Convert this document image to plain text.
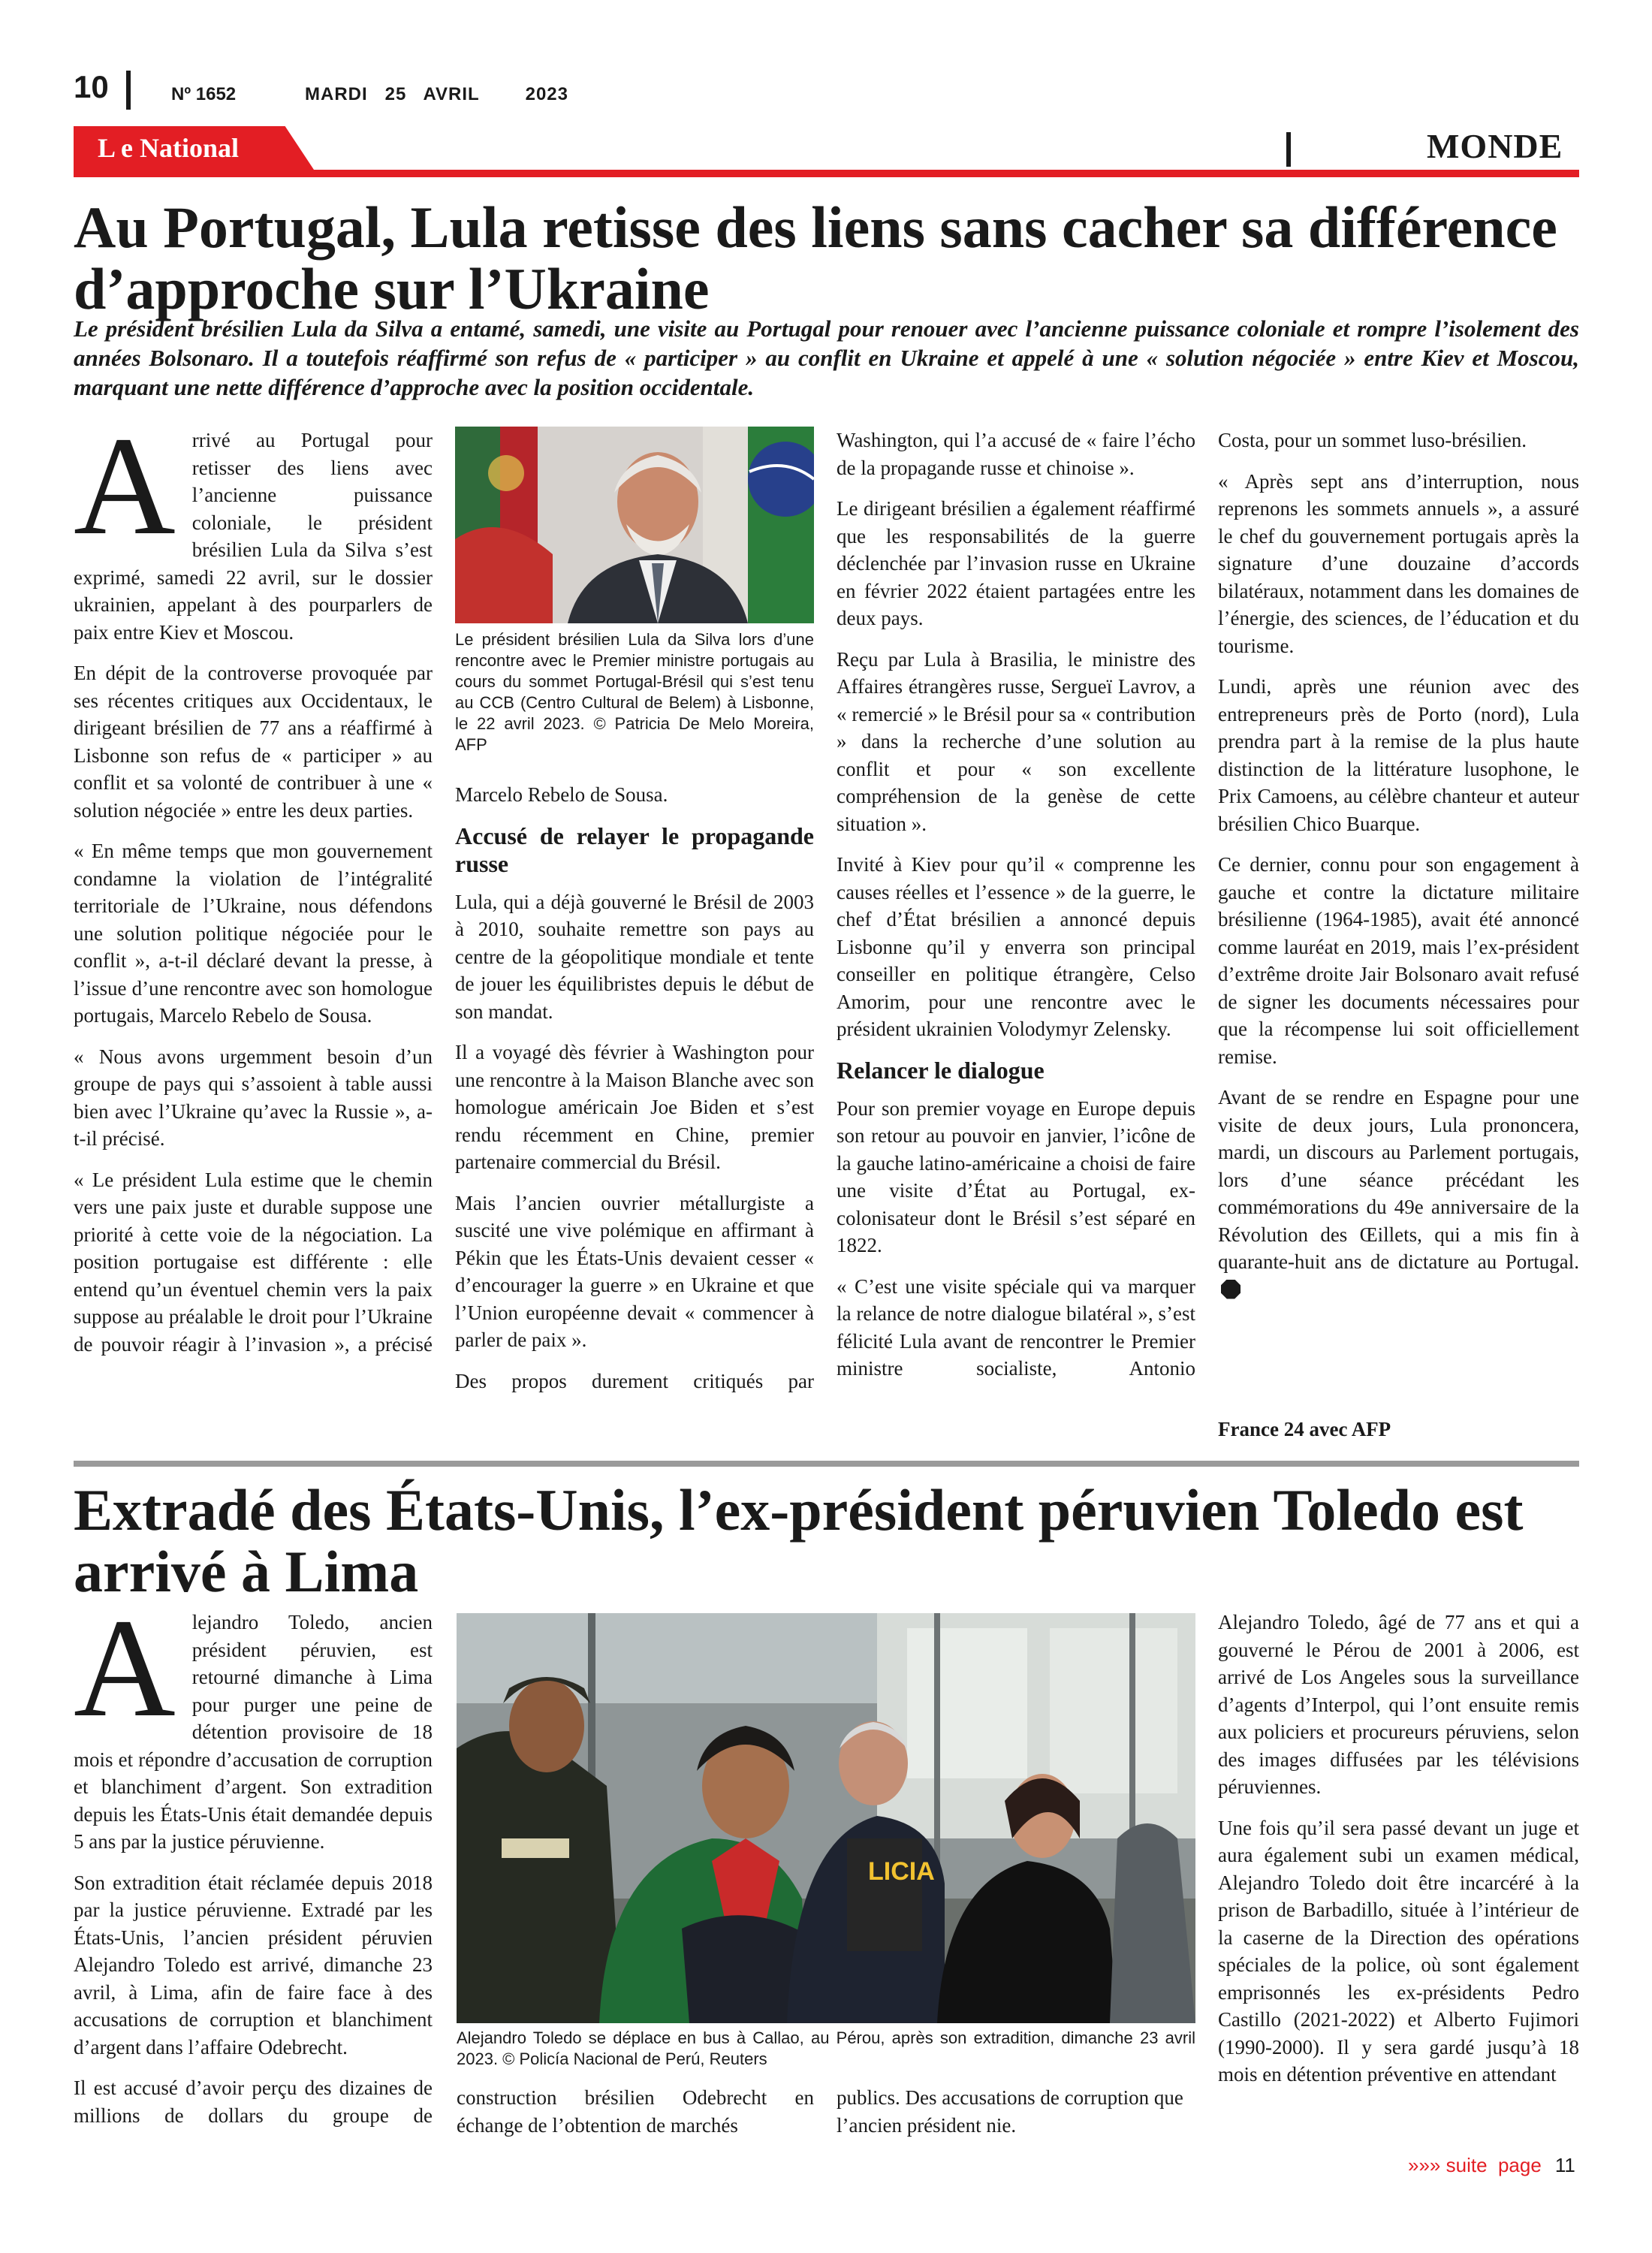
10	Nº 1652	MARDI   25   AVRIL        2023
L e National	MONDE
Au Portugal, Lula retisse des liens sans cacher sa différence d’approche sur l’Ukraine
Le président brésilien Lula da Silva a entamé, samedi, une visite au Portugal pour renouer avec l’ancienne puissance coloniale et rompre l’isolement des années Bolsonaro. Il a toutefois réaffirmé son refus de « participer » au conflit en Ukraine et appelé à une « solution négociée » entre Kiev et Moscou, marquant une nette différence d’approche avec la position occidentale.

Arrivé au Portugal pour retisser des liens avec l’ancienne puissance coloniale, le président brésilien Lula da Silva s’est exprimé, samedi 22 avril, sur le dossier ukrainien, appelant à des pourparlers de paix entre Kiev et Moscou.

En dépit de la controverse provoquée par ses récentes critiques aux Occidentaux, le dirigeant brésilien de 77 ans a réaffirmé à Lisbonne son refus de « participer » au conflit et sa volonté de contribuer à une « solution négociée » entre les deux parties.

« En même temps que mon gouvernement condamne la violation de l’intégralité territoriale de l’Ukraine, nous défendons une solution politique négociée pour le conflit », a-t-il déclaré devant la presse, à l’issue d’une rencontre avec son homologue portugais, Marcelo Rebelo de Sousa.

« Nous avons urgemment besoin d’un groupe de pays qui s’assoient à table aussi bien avec l’Ukraine qu’avec la Russie », a-t-il précisé.

« Le président Lula estime que le chemin vers une paix juste et durable suppose une priorité à cette voie de la négociation. La position portugaise est différente : elle entend qu’un éventuel chemin vers la paix suppose au préalable le droit pour l’Ukraine de pouvoir réagir à l’invasion », a précisé

Le président brésilien Lula da Silva lors d’une rencontre avec le Premier ministre portugais au cours du sommet Portugal-Brésil qui s’est tenu au CCB (Centro Cultural de Belem) à Lisbonne, le 22 avril 2023. © Patricia De Melo Moreira, AFP

Marcelo Rebelo de Sousa.

Accusé de relayer le propagande russe

Lula, qui a déjà gouverné le Brésil de 2003 à 2010, souhaite remettre son pays au centre de la géopolitique mondiale et tente de jouer les équilibristes depuis le début de son mandat.

Il a voyagé dès février à Washington pour une rencontre à la Maison Blanche avec son homologue américain Joe Biden et s’est rendu récemment en Chine, premier partenaire commercial du Brésil.

Mais l’ancien ouvrier métallurgiste a suscité une vive polémique en affirmant à Pékin que les États-Unis devaient cesser « d’encourager la guerre » en Ukraine et que l’Union européenne devait « commencer à parler de paix ».

Des propos durement critiqués par

Washington, qui l’a accusé de « faire l’écho de la propagande russe et chinoise ».

Le dirigeant brésilien a également réaffirmé que les responsabilités de la guerre déclenchée par l’invasion russe en Ukraine en février 2022 étaient partagées entre les deux pays.

Reçu par Lula à Brasilia, le ministre des Affaires étrangères russe, Sergueï Lavrov, a « remercié » le Brésil pour sa « contribution » dans la recherche d’une solution au conflit et pour « son excellente compréhension de la genèse de cette situation ».

Invité à Kiev pour qu’il « comprenne les causes réelles et l’essence » de la guerre, le chef d’État brésilien a annoncé depuis Lisbonne qu’il y enverra son principal conseiller en politique étrangère, Celso Amorim, pour une rencontre avec le président ukrainien Volodymyr Zelensky.

Relancer le dialogue

Pour son premier voyage en Europe depuis son retour au pouvoir en janvier, l’icône de la gauche latino-américaine a choisi de faire une visite d’État au Portugal, ex-colonisateur dont le Brésil s’est séparé en 1822.

« C’est une visite spéciale qui va marquer la relance de notre dialogue bilatéral », s’est félicité Lula avant de rencontrer le Premier ministre socialiste, Antonio

Costa, pour un sommet luso-brésilien.

« Après sept ans d’interruption, nous reprenons les sommets annuels », a assuré le chef du gouvernement portugais après la signature d’une douzaine d’accords bilatéraux, notamment dans les domaines de l’énergie, des sciences, de l’éducation et du tourisme.

Lundi, après une réunion avec des entrepreneurs près de Porto (nord), Lula prendra part à la remise de la plus haute distinction de la littérature lusophone, le Prix Camoens, au célèbre chanteur et auteur brésilien Chico Buarque.

Ce dernier, connu pour son engagement à gauche et contre la dictature militaire brésilienne (1964-1985), avait été annoncé comme lauréat en 2019, mais l’ex-président d’extrême droite Jair Bolsonaro avait refusé de signer les documents nécessaires pour que la récompense lui soit officiellement remise.

Avant de se rendre en Espagne pour une visite de deux jours, Lula prononcera, mardi, un discours au Parlement portugais, lors d’une séance précédant les commémorations du 49e anniversaire de la Révolution des Œillets, qui a mis fin à quarante-huit ans de dictature au Portugal.

France 24 avec AFP
Extradé des États-Unis, l’ex-président péruvien Toledo est arrivé à Lima

Alejandro Toledo, ancien président péruvien, est retourné dimanche à Lima pour purger une peine de détention provisoire de 18 mois et répondre d’accusation de corruption et blanchiment d’argent. Son extradition depuis les États-Unis était demandée depuis 5 ans par la justice péruvienne.

Son extradition était réclamée depuis 2018 par la justice péruvienne. Extradé par les États-Unis, l’ancien président péruvien Alejandro Toledo est arrivé, dimanche 23 avril, à Lima, afin de faire face à des accusations de corruption et blanchiment d’argent dans l’affaire Odebrecht.

Il est accusé d’avoir perçu des dizaines de millions de dollars du groupe de

LICIA
Alejandro Toledo se déplace en bus à Callao, au Pérou, après son extradition, dimanche 23 avril 2023. © Policía Nacional de Perú, Reuters

construction brésilien Odebrecht en échange de l’obtention de marchés

publics. Des accusations de corruption que l’ancien président nie.

Alejandro Toledo, âgé de 77 ans et qui a gouverné le Pérou de 2001 à 2006, est arrivé de Los Angeles sous la surveillance d’agents d’Interpol, qui l’ont ensuite remis aux policiers et procureurs péruviens, selon des images diffusées par les télévisions péruviennes.

Une fois qu’il sera passé devant un juge et aura également subi un examen médical, Alejandro Toledo doit être incarcéré à la prison de Barbadillo, située à l’intérieur de la caserne de la Direction des opérations spéciales de la police, où sont également emprisonnés les ex-présidents Pedro Castillo (2021-2022) et Alberto Fujimori (1990-2000). Il y sera gardé jusqu’à 18 mois en détention préventive en attendant

»»» suite  page 11
